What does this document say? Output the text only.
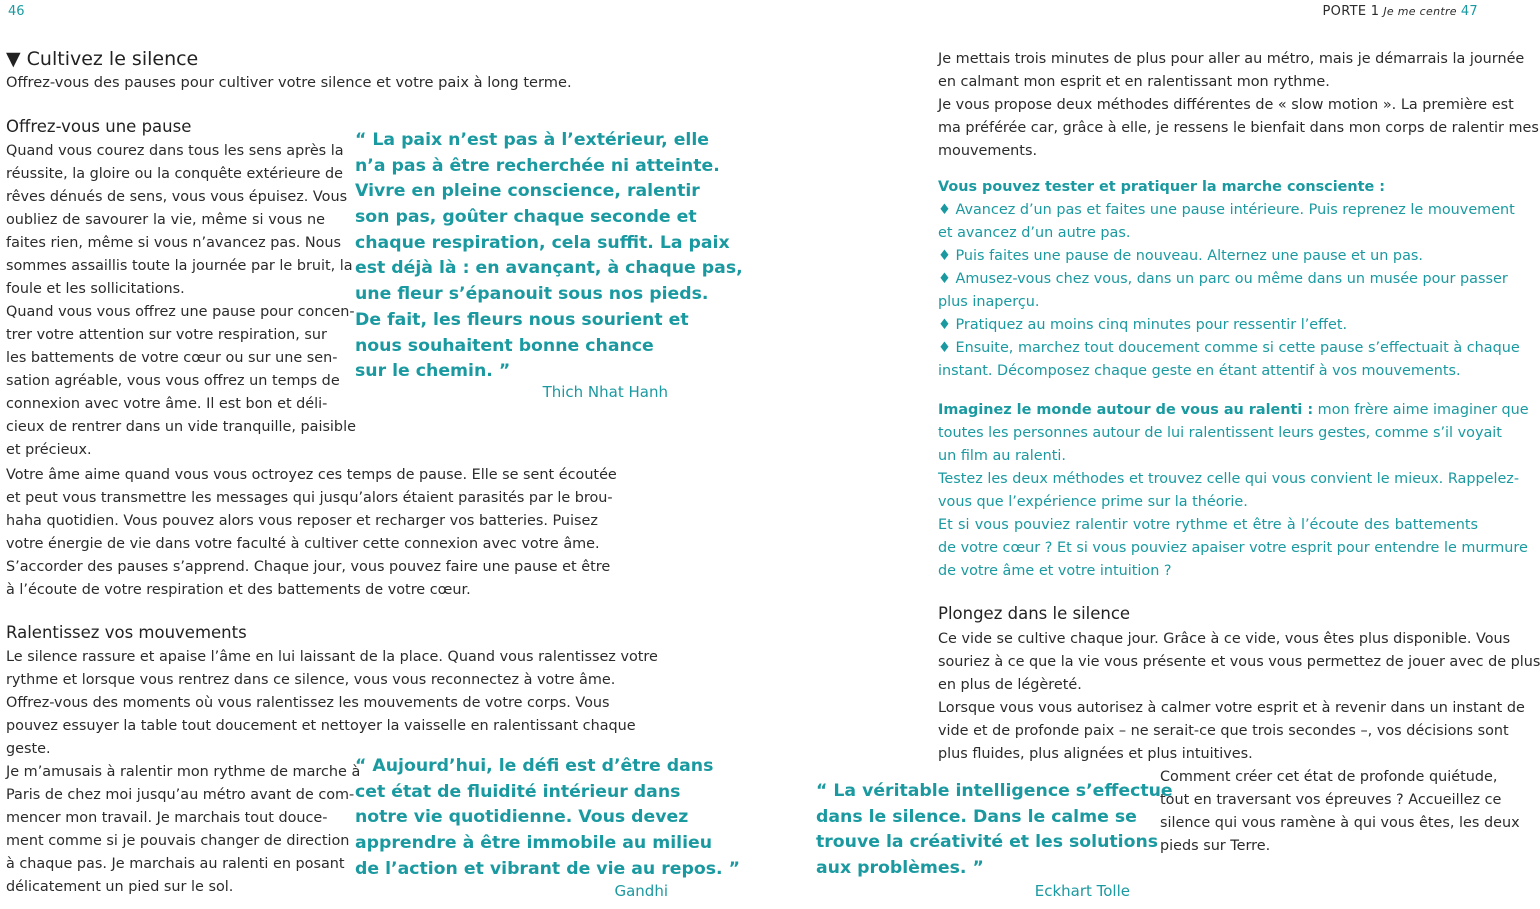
46	PORTE 1 Je me centre 47
▼ Cultivez le silence
Offrez-vous des pauses pour cultiver votre silence et votre paix à long terme.
Offrez-vous une pause
Quand vous courez dans tous les sens après la
réussite, la gloire ou la conquête extérieure de
rêves dénués de sens, vous vous épuisez. Vous
oubliez de savourer la vie, même si vous ne
faites rien, même si vous n’avancez pas. Nous
sommes assaillis toute la journée par le bruit, la
foule et les sollicitations.
Quand vous vous offrez une pause pour concen-
trer votre attention sur votre respiration, sur
les battements de votre cœur ou sur une sen-
sation agréable, vous vous offrez un temps de
connexion avec votre âme. Il est bon et déli-
cieux de rentrer dans un vide tranquille, paisible
et précieux.
Votre âme aime quand vous vous octroyez ces temps de pause. Elle se sent écoutée
et peut vous transmettre les messages qui jusqu’alors étaient parasités par le brou-
haha quotidien. Vous pouvez alors vous reposer et recharger vos batteries. Puisez
votre énergie de vie dans votre faculté à cultiver cette connexion avec votre âme.
S’accorder des pauses s’apprend. Chaque jour, vous pouvez faire une pause et être
à l’écoute de votre respiration et des battements de votre cœur.
Ralentissez vos mouvements
Le silence rassure et apaise l’âme en lui laissant de la place. Quand vous ralentissez votre
rythme et lorsque vous rentrez dans ce silence, vous vous reconnectez à votre âme.
Offrez-vous des moments où vous ralentissez les mouvements de votre corps. Vous
pouvez essuyer la table tout doucement et nettoyer la vaisselle en ralentissant chaque
geste.
Je m’amusais à ralentir mon rythme de marche à
Paris de chez moi jusqu’au métro avant de com-
mencer mon travail. Je marchais tout douce-
ment comme si je pouvais changer de direction
à chaque pas. Je marchais au ralenti en posant
délicatement un pied sur le sol.
“ La paix n’est pas à l’extérieur, elle
n’a pas à être recherchée ni atteinte.
Vivre en pleine conscience, ralentir
son pas, goûter chaque seconde et
chaque respiration, cela suffit. La paix
est déjà là : en avançant, à chaque pas,
une fleur s’épanouit sous nos pieds.
De fait, les fleurs nous sourient et
nous souhaitent bonne chance
sur le chemin. ”
Thich Nhat Hanh
“ Aujourd’hui, le défi est d’être dans
cet état de fluidité intérieur dans
notre vie quotidienne. Vous devez
apprendre à être immobile au milieu
de l’action et vibrant de vie au repos. ”
Gandhi
Je mettais trois minutes de plus pour aller au métro, mais je démarrais la journée
en calmant mon esprit et en ralentissant mon rythme.
Je vous propose deux méthodes différentes de « slow motion ». La première est
ma préférée car, grâce à elle, je ressens le bienfait dans mon corps de ralentir mes
mouvements.
Vous pouvez tester et pratiquer la marche consciente :
♦ Avancez d’un pas et faites une pause intérieure. Puis reprenez le mouvement
et avancez d’un autre pas.
♦ Puis faites une pause de nouveau. Alternez une pause et un pas.
♦ Amusez-vous chez vous, dans un parc ou même dans un musée pour passer
plus inaperçu.
♦ Pratiquez au moins cinq minutes pour ressentir l’effet.
♦ Ensuite, marchez tout doucement comme si cette pause s’effectuait à chaque
instant. Décomposez chaque geste en étant attentif à vos mouvements.
Imaginez le monde autour de vous au ralenti : mon frère aime imaginer que
toutes les personnes autour de lui ralentissent leurs gestes, comme s’il voyait
un film au ralenti.
Testez les deux méthodes et trouvez celle qui vous convient le mieux. Rappelez-
vous que l’expérience prime sur la théorie.
Et si vous pouviez ralentir votre rythme et être à l’écoute des battements
de votre cœur ? Et si vous pouviez apaiser votre esprit pour entendre le murmure
de votre âme et votre intuition ?
Plongez dans le silence
Ce vide se cultive chaque jour. Grâce à ce vide, vous êtes plus disponible. Vous
souriez à ce que la vie vous présente et vous vous permettez de jouer avec de plus
en plus de légèreté.
Lorsque vous vous autorisez à calmer votre esprit et à revenir dans un instant de
vide et de profonde paix – ne serait-ce que trois secondes –, vos décisions sont
plus fluides, plus alignées et plus intuitives.
Comment créer cet état de profonde quiétude,
tout en traversant vos épreuves ? Accueillez ce
silence qui vous ramène à qui vous êtes, les deux
pieds sur Terre.
“ La véritable intelligence s’effectue
dans le silence. Dans le calme se
trouve la créativité et les solutions
aux problèmes. ”
Eckhart Tolle
